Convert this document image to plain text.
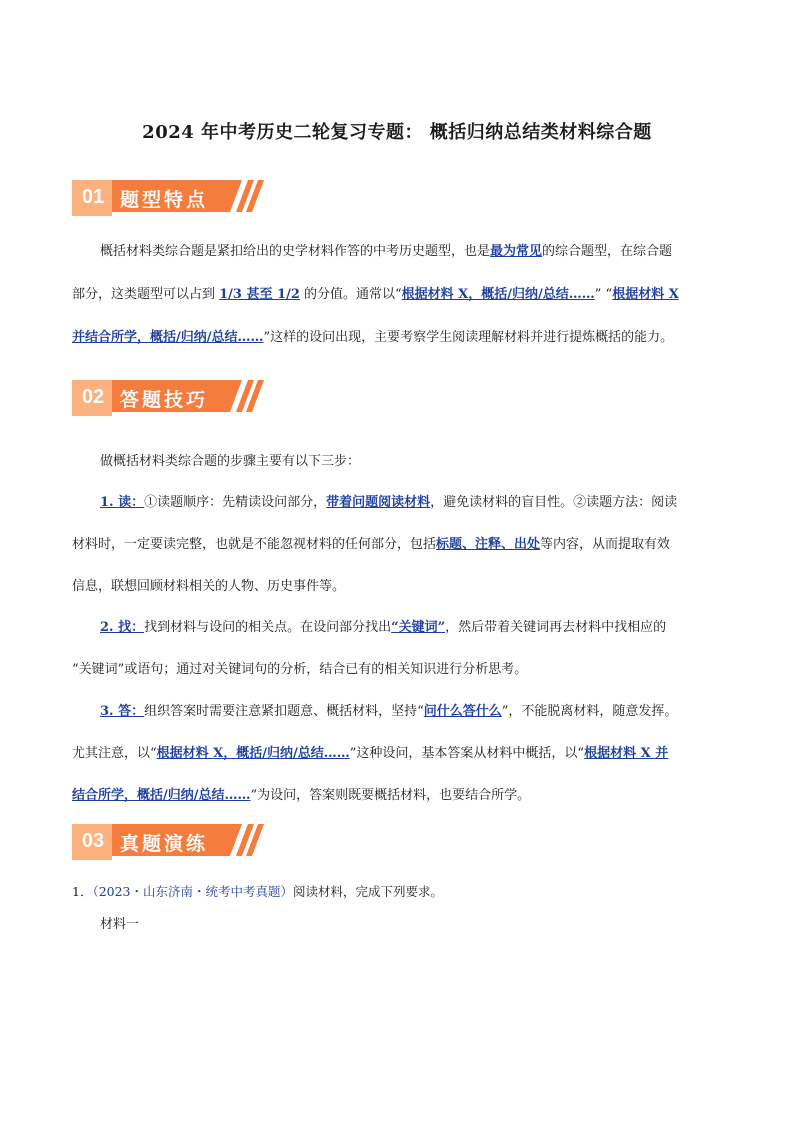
2024 年中考历史二轮复习专题： 概括归纳总结类材料综合题
01 题型特点
概括材料类综合题是紧扣给出的史学材料作答的中考历史题型，也是最为常见的综合题型，在综合题
部分，这类题型可以占到 1/3 甚至 1/2 的分值。通常以“根据材料 X，概括/归纳/总结……” “根据材料 X
并结合所学，概括/归纳/总结……”这样的设问出现，主要考察学生阅读理解材料并进行提炼概括的能力。
02 答题技巧
做概括材料类综合题的步骤主要有以下三步：
1. 读：①读题顺序：先精读设问部分，带着问题阅读材料，避免读材料的盲目性。②读题方法：阅读
材料时，一定要读完整，也就是不能忽视材料的任何部分，包括标题、注释、出处等内容，从而提取有效
信息，联想回顾材料相关的人物、历史事件等。
2. 找：找到材料与设问的相关点。在设问部分找出“关键词”，然后带着关键词再去材料中找相应的
“关键词”或语句；通过对关键词句的分析，结合已有的相关知识进行分析思考。
3. 答：组织答案时需要注意紧扣题意、概括材料，坚持“问什么答什么”，不能脱离材料，随意发挥。
尤其注意，以“根据材料 X，概括/归纳/总结……”这种设问，基本答案从材料中概括，以“根据材料 X 并
结合所学，概括/归纳/总结……”为设问，答案则既要概括材料，也要结合所学。
03 真题演练
1．（2023・山东济南・统考中考真题）阅读材料，完成下列要求。
材料一
